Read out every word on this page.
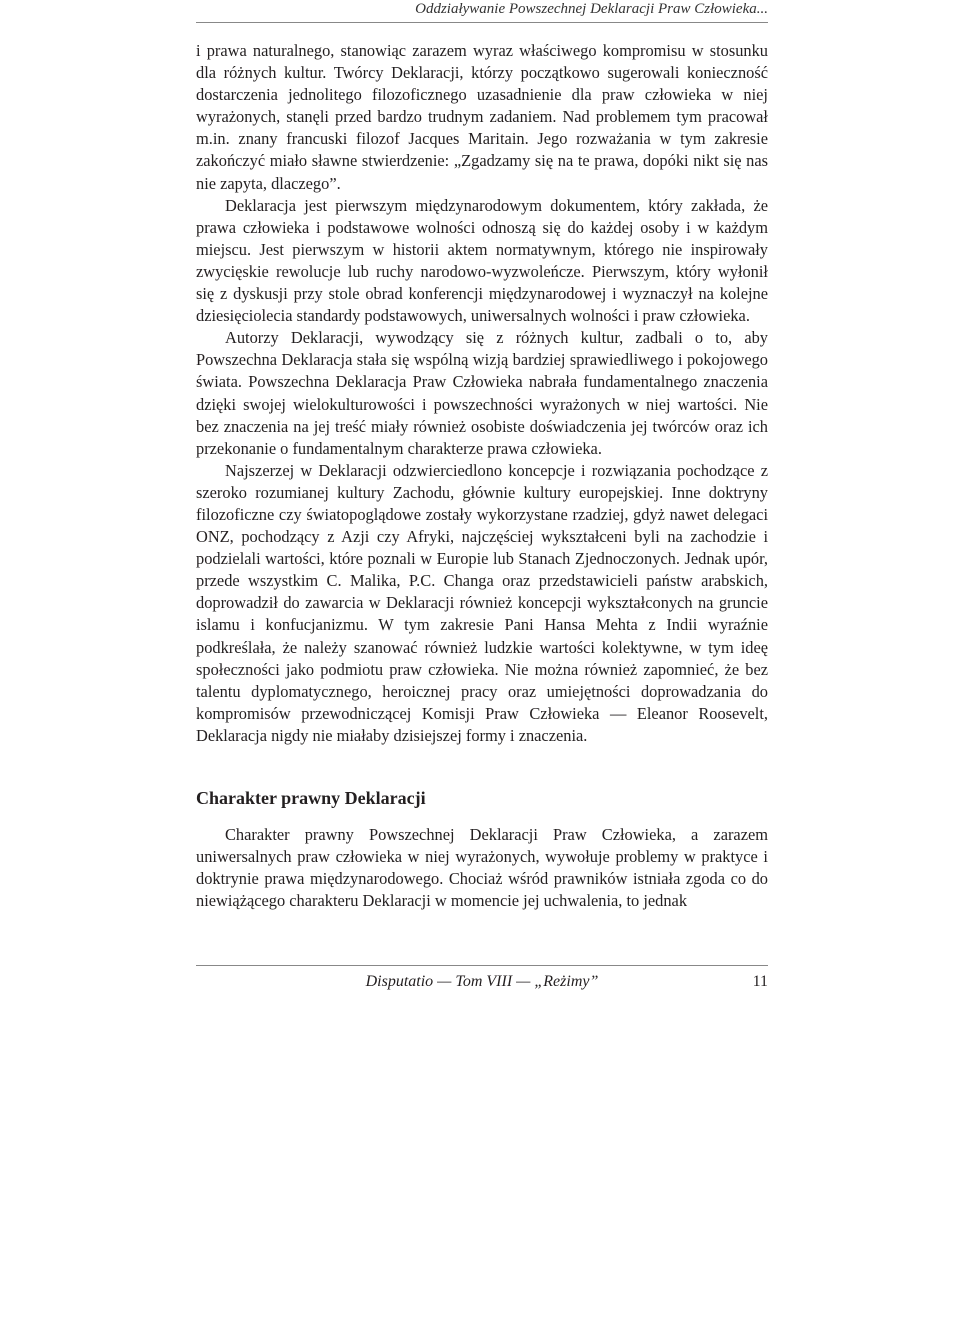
Oddziaływanie Powszechnej Deklaracji Praw Człowieka...

i prawa naturalnego, stanowiąc zarazem wyraz właściwego kompromisu w stosunku dla różnych kultur. Twórcy Deklaracji, którzy początkowo sugerowali konieczność dostarczenia jednolitego filozoficznego uzasadnienie dla praw człowieka w niej wyrażonych, stanęli przed bardzo trudnym zadaniem. Nad problemem tym pracował m.in. znany francuski filozof Jacques Maritain. Jego rozważania w tym zakresie zakończyć miało sławne stwierdzenie: „Zgadzamy się na te prawa, dopóki nikt się nas nie zapyta, dlaczego”.

Deklaracja jest pierwszym międzynarodowym dokumentem, który zakłada, że prawa człowieka i podstawowe wolności odnoszą się do każdej osoby i w każdym miejscu. Jest pierwszym w historii aktem normatywnym, którego nie inspirowały zwycięskie rewolucje lub ruchy narodowo-wyzwoleńcze. Pierwszym, który wyłonił się z dyskusji przy stole obrad konferencji międzynarodowej i wyznaczył na kolejne dziesięciolecia standardy podstawowych, uniwersalnych wolności i praw człowieka.

Autorzy Deklaracji, wywodzący się z różnych kultur, zadbali o to, aby Powszechna Deklaracja stała się wspólną wizją bardziej sprawiedliwego i pokojowego świata. Powszechna Deklaracja Praw Człowieka nabrała fundamentalnego znaczenia dzięki swojej wielokulturowości i powszechności wyrażonych w niej wartości. Nie bez znaczenia na jej treść miały również osobiste doświadczenia jej twórców oraz ich przekonanie o fundamentalnym charakterze prawa człowieka.

Najszerzej w Deklaracji odzwierciedlono koncepcje i rozwiązania pochodzące z szeroko rozumianej kultury Zachodu, głównie kultury europejskiej. Inne doktryny filozoficzne czy światopoglądowe zostały wykorzystane rzadziej, gdyż nawet delegaci ONZ, pochodzący z Azji czy Afryki, najczęściej wykształceni byli na zachodzie i podzielali wartości, które poznali w Europie lub Stanach Zjednoczonych. Jednak upór, przede wszystkim C. Malika, P.C. Changa oraz przedstawicieli państw arabskich, doprowadził do zawarcia w Deklaracji również koncepcji wykształconych na gruncie islamu i konfucjanizmu. W tym zakresie Pani Hansa Mehta z Indii wyraźnie podkreślała, że należy szanować również ludzkie wartości kolektywne, w tym ideę społeczności jako podmiotu praw człowieka. Nie można również zapomnieć, że bez talentu dyplomatycznego, heroicznej pracy oraz umiejętności doprowadzania do kompromisów przewodniczącej Komisji Praw Człowieka — Eleanor Roosevelt, Deklaracja nigdy nie miałaby dzisiejszej formy i znaczenia.

Charakter prawny Deklaracji

Charakter prawny Powszechnej Deklaracji Praw Człowieka, a zarazem uniwersalnych praw człowieka w niej wyrażonych, wywołuje problemy w praktyce i doktrynie prawa międzynarodowego. Chociaż wśród prawników istniała zgoda co do niewiążącego charakteru Deklaracji w momencie jej uchwalenia, to jednak

Disputatio — Tom VIII — „Reżimy”	11
